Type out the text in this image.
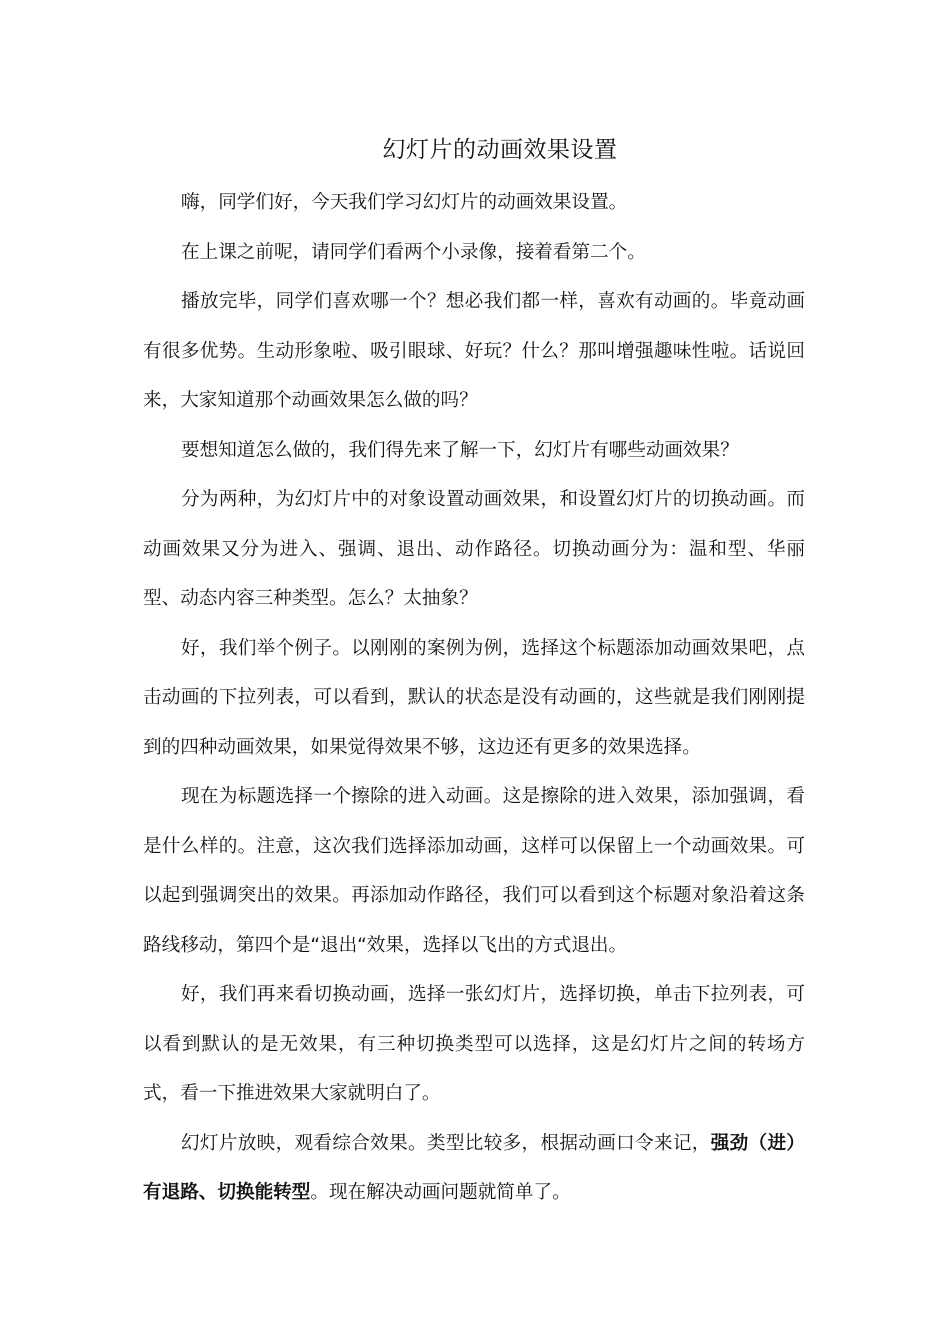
幻灯片的动画效果设置

嗨，同学们好，今天我们学习幻灯片的动画效果设置。

在上课之前呢，请同学们看两个小录像，接着看第二个。

播放完毕，同学们喜欢哪一个？想必我们都一样，喜欢有动画的。毕竟动画有很多优势。生动形象啦、吸引眼球、好玩？什么？那叫增强趣味性啦。话说回来，大家知道那个动画效果怎么做的吗？

要想知道怎么做的，我们得先来了解一下，幻灯片有哪些动画效果？

分为两种，为幻灯片中的对象设置动画效果，和设置幻灯片的切换动画。而动画效果又分为进入、强调、退出、动作路径。切换动画分为：温和型、华丽型、动态内容三种类型。怎么？太抽象？

好，我们举个例子。以刚刚的案例为例，选择这个标题添加动画效果吧，点击动画的下拉列表，可以看到，默认的状态是没有动画的，这些就是我们刚刚提到的四种动画效果，如果觉得效果不够，这边还有更多的效果选择。

现在为标题选择一个擦除的进入动画。这是擦除的进入效果，添加强调，看是什么样的。注意，这次我们选择添加动画，这样可以保留上一个动画效果。可以起到强调突出的效果。再添加动作路径，我们可以看到这个标题对象沿着这条路线移动，第四个是“退出“效果，选择以飞出的方式退出。

好，我们再来看切换动画，选择一张幻灯片，选择切换，单击下拉列表，可以看到默认的是无效果，有三种切换类型可以选择，这是幻灯片之间的转场方式，看一下推进效果大家就明白了。

幻灯片放映，观看综合效果。类型比较多，根据动画口令来记，强劲（进）有退路、切换能转型。现在解决动画问题就简单了。
